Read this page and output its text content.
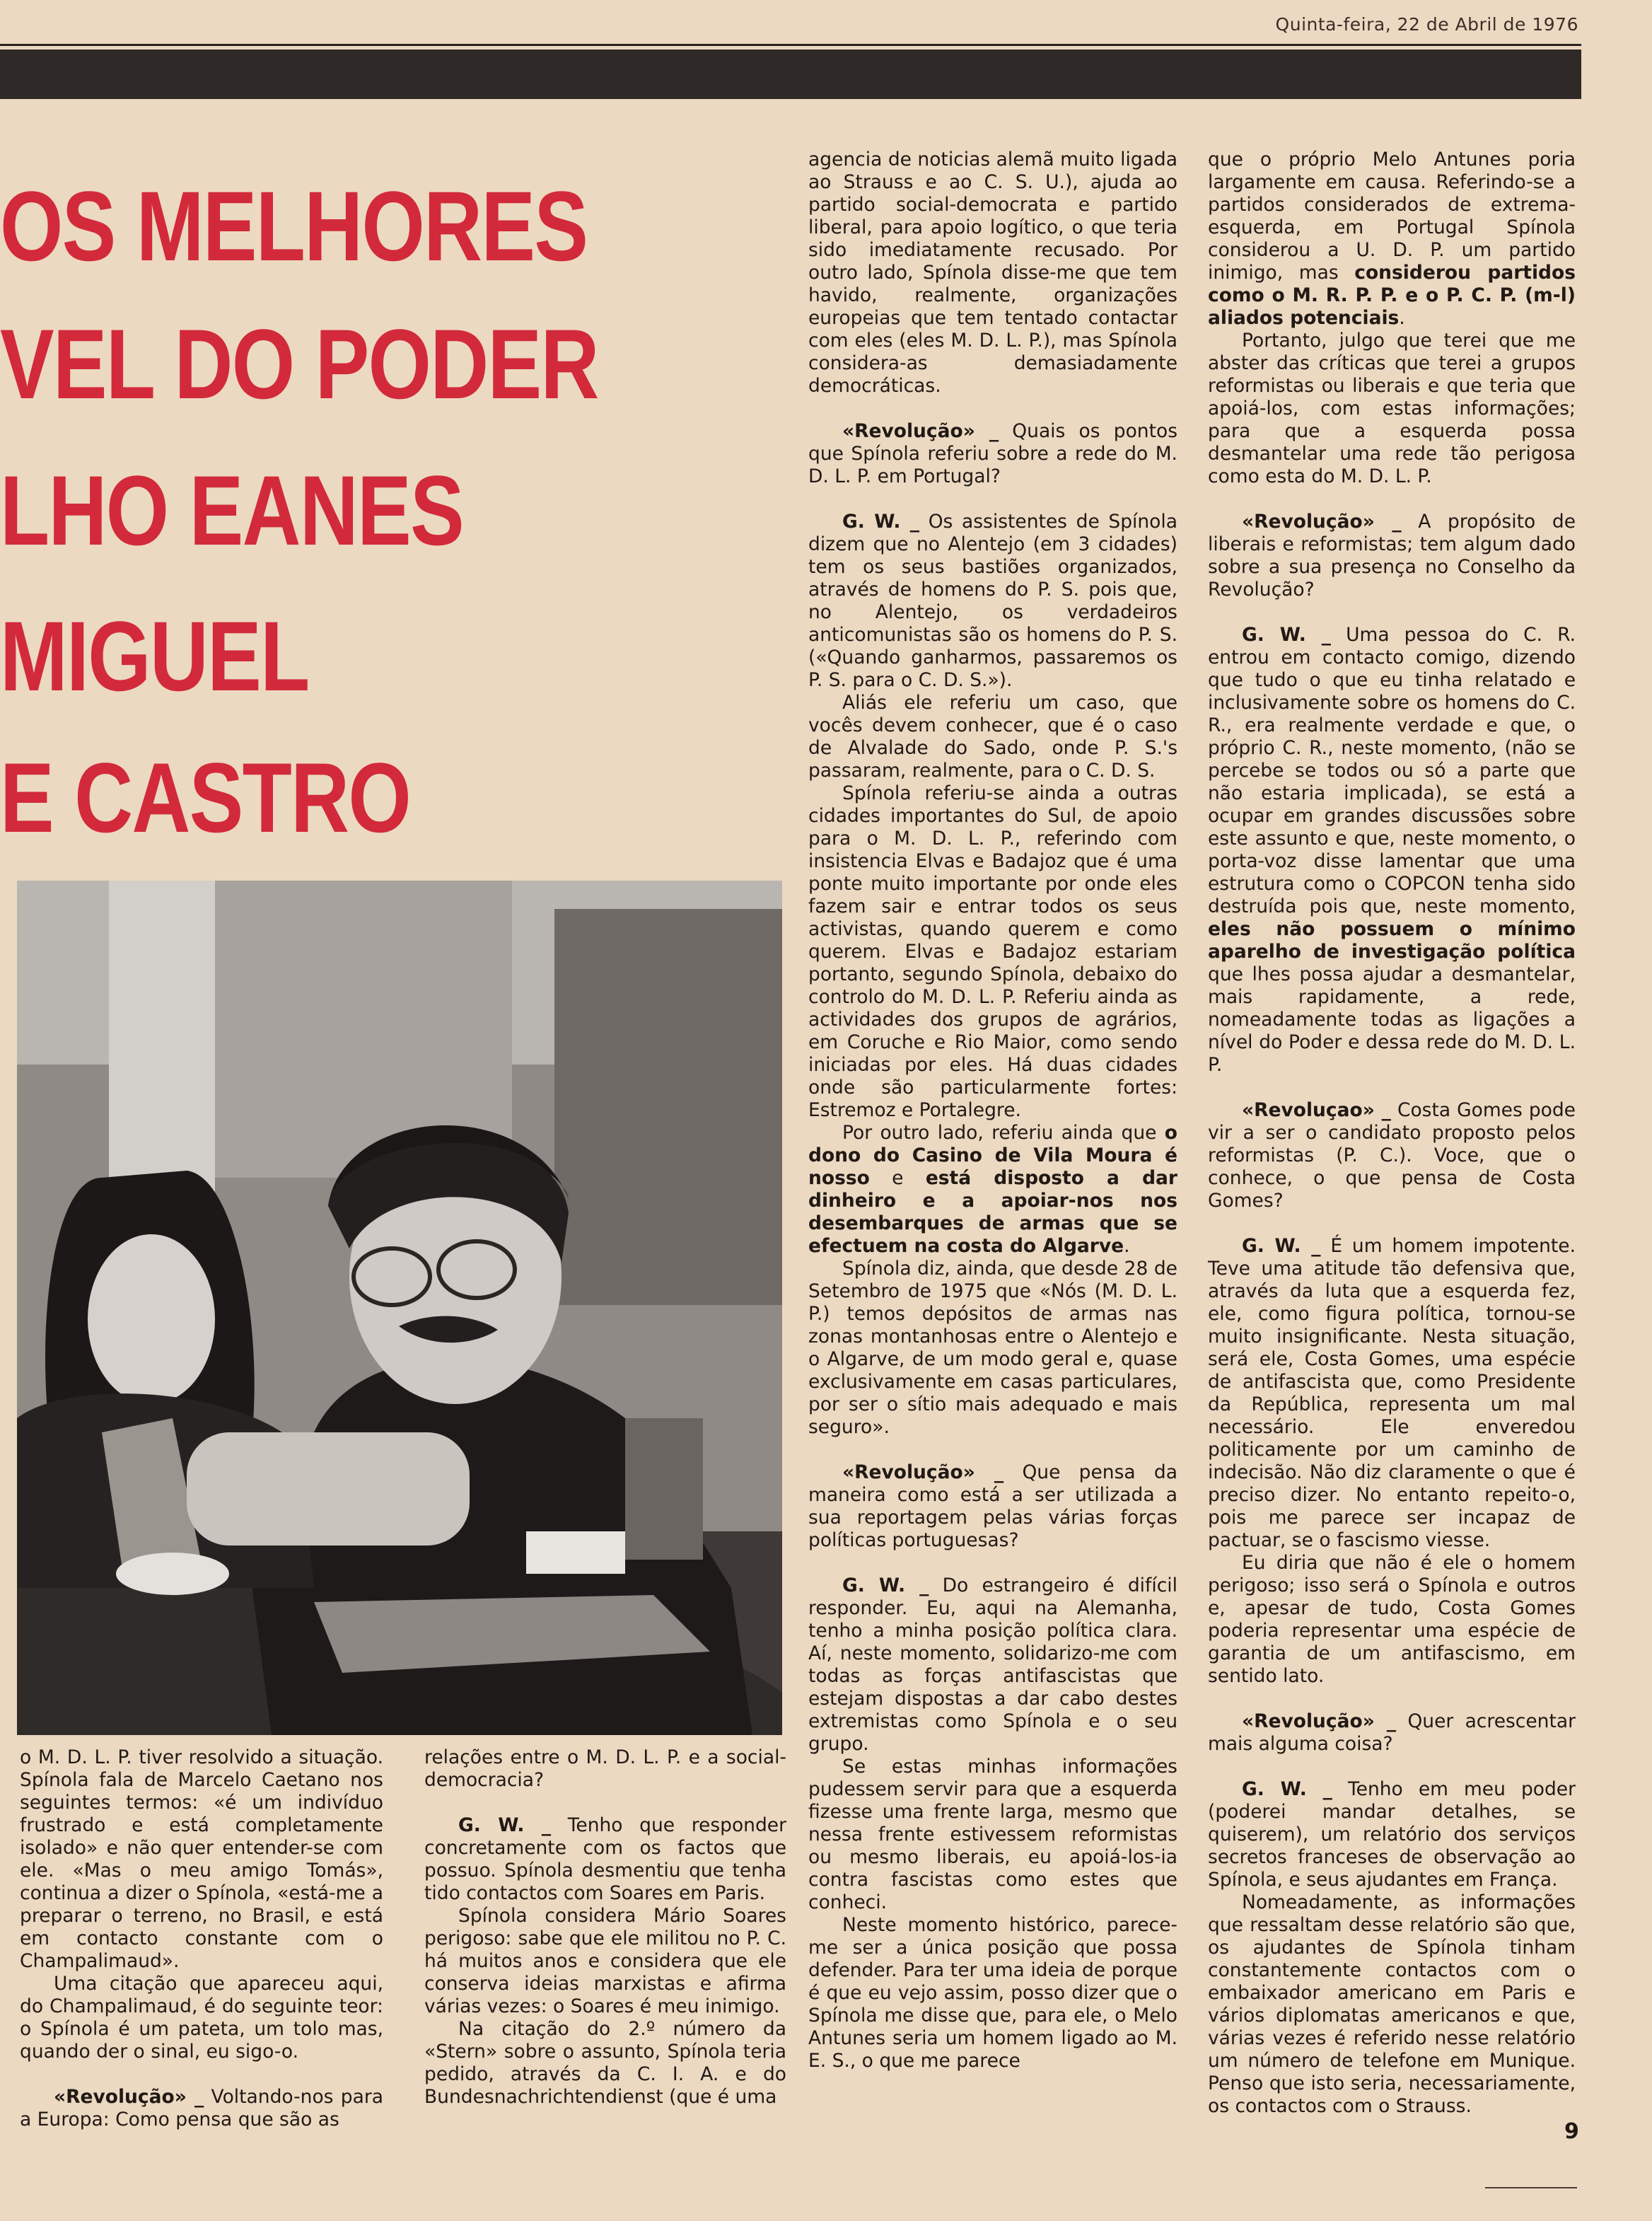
Quinta-feira, 22 de Abril de 1976
OS MELHORES
VEL DO PODER
LHO EANES
MIGUEL
E CASTRO

o M. D. L. P. tiver resolvido a situação. Spínola fala de Marcelo Caetano nos seguintes termos: «é um indivíduo frustrado e está completamente isolado» e não quer entender-se com ele. «Mas o meu amigo Tomás», continua a dizer o Spínola, «está-me a preparar o terreno, no Brasil, e está em contacto constante com o Champalimaud».

Uma citação que apareceu aqui, do Champalimaud, é do seguinte teor: o Spínola é um pateta, um tolo mas, quando der o sinal, eu sigo-o.

«Revolução» _ Voltando-nos para a Europa: Como pensa que são as

relações entre o M. D. L. P. e a social-democracia?

G. W. _ Tenho que responder concretamente com os factos que possuo. Spínola desmentiu que tenha tido contactos com Soares em Paris.

Spínola considera Mário Soares perigoso: sabe que ele militou no P. C. há muitos anos e considera que ele conserva ideias marxistas e afirma várias vezes: o Soares é meu inimigo.

Na citação do 2.º número da «Stern» sobre o assunto, Spínola teria pedido, através da C. I. A. e do Bundesnachrichtendienst (que é uma

agencia de noticias alemã muito ligada ao Strauss e ao C. S. U.), ajuda ao partido social-democrata e partido liberal, para apoio logítico, o que teria sido imediatamente recusado. Por outro lado, Spínola disse-me que tem havido, realmente, organizações europeias que tem tentado contactar com eles (eles M. D. L. P.), mas Spínola considera-as demasiadamente democráticas.

«Revolução» _ Quais os pontos que Spínola referiu sobre a rede do M. D. L. P. em Portugal?

G. W. _ Os assistentes de Spínola dizem que no Alentejo (em 3 cidades) tem os seus bastiões organizados, através de homens do P. S. pois que, no Alentejo, os verdadeiros anticomunistas são os homens do P. S. («Quando ganharmos, passaremos os P. S. para o C. D. S.»).

Aliás ele referiu um caso, que vocês devem conhecer, que é o caso de Alvalade do Sado, onde P. S.'s passaram, realmente, para o C. D. S.

Spínola referiu-se ainda a outras cidades importantes do Sul, de apoio para o M. D. L. P., referindo com insistencia Elvas e Badajoz que é uma ponte muito importante por onde eles fazem sair e entrar todos os seus activistas, quando querem e como querem. Elvas e Badajoz estariam portanto, segundo Spínola, debaixo do controlo do M. D. L. P. Referiu ainda as actividades dos grupos de agrários, em Coruche e Rio Maior, como sendo iniciadas por eles. Há duas cidades onde são particularmente fortes: Estremoz e Portalegre.

Por outro lado, referiu ainda que o dono do Casino de Vila Moura é nosso e está disposto a dar dinheiro e a apoiar-nos nos desembarques de armas que se efectuem na costa do Algarve.

Spínola diz, ainda, que desde 28 de Setembro de 1975 que «Nós (M. D. L. P.) temos depósitos de armas nas zonas montanhosas entre o Alentejo e o Algarve, de um modo geral e, quase exclusivamente em casas particulares, por ser o sítio mais adequado e mais seguro».

«Revolução» _ Que pensa da maneira como está a ser utilizada a sua reportagem pelas várias forças políticas portuguesas?

G. W. _ Do estrangeiro é difícil responder. Eu, aqui na Alemanha, tenho a minha posição política clara. Aí, neste momento, solidarizo-me com todas as forças antifascistas que estejam dispostas a dar cabo destes extremistas como Spínola e o seu grupo.

Se estas minhas informações pudessem servir para que a esquerda fizesse uma frente larga, mesmo que nessa frente estivessem reformistas ou mesmo liberais, eu apoiá-los-ia contra fascistas como estes que conheci.

Neste momento histórico, parece-me ser a única posição que possa defender. Para ter uma ideia de porque é que eu vejo assim, posso dizer que o Spínola me disse que, para ele, o Melo Antunes seria um homem ligado ao M. E. S., o que me parece

que o próprio Melo Antunes poria largamente em causa. Referindo-se a partidos considerados de extrema-esquerda, em Portugal Spínola considerou a U. D. P. um partido inimigo, mas considerou partidos como o M. R. P. P. e o P. C. P. (m-l) aliados potenciais.

Portanto, julgo que terei que me abster das críticas que terei a grupos reformistas ou liberais e que teria que apoiá-los, com estas informações; para que a esquerda possa desmantelar uma rede tão perigosa como esta do M. D. L. P.

«Revolução» _ A propósito de liberais e reformistas; tem algum dado sobre a sua presença no Conselho da Revolução?

G. W. _ Uma pessoa do C. R. entrou em contacto comigo, dizendo que tudo o que eu tinha relatado e inclusivamente sobre os homens do C. R., era realmente verdade e que, o próprio C. R., neste momento, (não se percebe se todos ou só a parte que não estaria implicada), se está a ocupar em grandes discussões sobre este assunto e que, neste momento, o porta-voz disse lamentar que uma estrutura como o COPCON tenha sido destruída pois que, neste momento, eles não possuem o mínimo aparelho de investigação política que lhes possa ajudar a desmantelar, mais rapidamente, a rede, nomeadamente todas as ligações a nível do Poder e dessa rede do M. D. L. P.

«Revoluçao» _ Costa Gomes pode vir a ser o candidato proposto pelos reformistas (P. C.). Voce, que o conhece, o que pensa de Costa Gomes?

G. W. _ É um homem impotente. Teve uma atitude tão defensiva que, através da luta que a esquerda fez, ele, como figura política, tornou-se muito insignificante. Nesta situação, será ele, Costa Gomes, uma espécie de antifascista que, como Presidente da República, representa um mal necessário. Ele enveredou politicamente por um caminho de indecisão. Não diz claramente o que é preciso dizer. No entanto repeito-o, pois me parece ser incapaz de pactuar, se o fascismo viesse.

Eu diria que não é ele o homem perigoso; isso será o Spínola e outros e, apesar de tudo, Costa Gomes poderia representar uma espécie de garantia de um antifascismo, em sentido lato.

«Revolução» _ Quer acrescentar mais alguma coisa?

G. W. _ Tenho em meu poder (poderei mandar detalhes, se quiserem), um relatório dos serviços secretos franceses de observação ao Spínola, e seus ajudantes em França.

Nomeadamente, as informações que ressaltam desse relatório são que, os ajudantes de Spínola tinham constantemente contactos com o embaixador americano em Paris e vários diplomatas americanos e que, várias vezes é referido nesse relatório um número de telefone em Munique. Penso que isto seria, necessariamente, os contactos com o Strauss.

9
